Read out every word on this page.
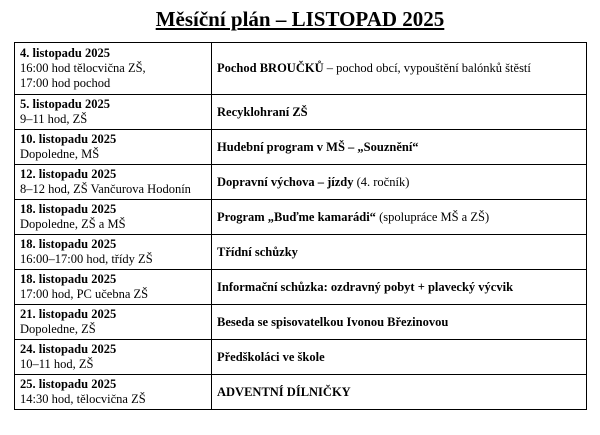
Měsíční plán – LISTOPAD 2025
4. listopadu 2025
16:00 hod tělocvična ZŠ,
17:00 hod pochod	Pochod BROUČKŮ – pochod obcí, vypouštění balónků štěstí

5. listopadu 2025
9–11 hod, ZŠ	Recyklohraní ZŠ

10. listopadu 2025
Dopoledne, MŠ	Hudební program v MŠ – „Souznění“

12. listopadu 2025
8–12 hod, ZŠ Vančurova Hodonín	Dopravní výchova – jízdy (4. ročník)

18. listopadu 2025
Dopoledne, ZŠ a MŠ	Program „Buďme kamarádi“ (spolupráce MŠ a ZŠ)

18. listopadu 2025
16:00–17:00 hod, třídy ZŠ	Třídní schůzky

18. listopadu 2025
17:00 hod, PC učebna ZŠ	Informační schůzka: ozdravný pobyt + plavecký výcvik

21. listopadu 2025
Dopoledne, ZŠ	Beseda se spisovatelkou Ivonou Březinovou

24. listopadu 2025
10–11 hod, ZŠ	Předškoláci ve škole

25. listopadu 2025
14:30 hod, tělocvična ZŠ	ADVENTNÍ DÍLNIČKY
